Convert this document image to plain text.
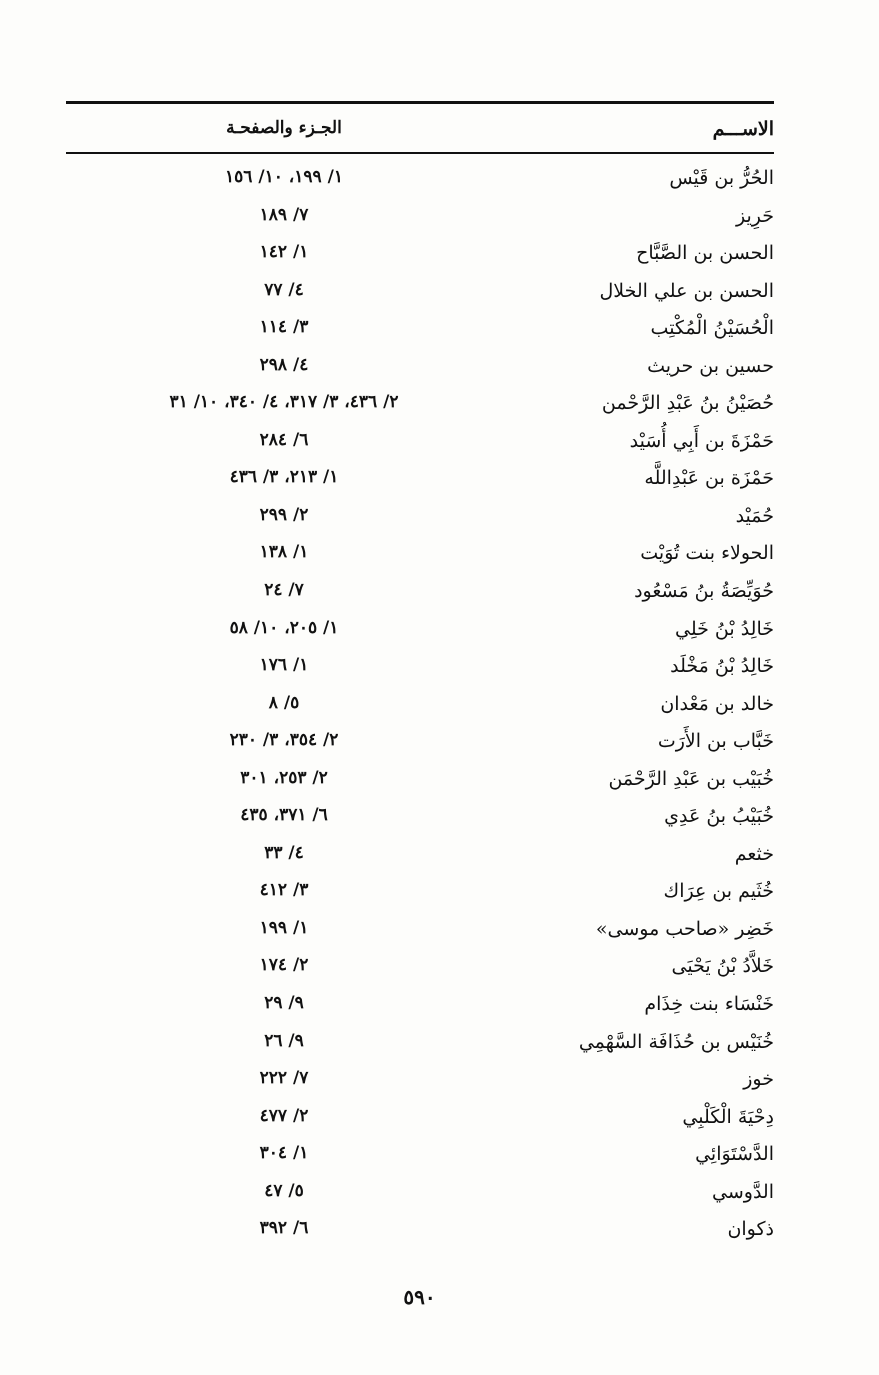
الاســـم
الجـزء والصفحـة
الحُرُّ بن قَيْس
١/ ١٩٩، ١٠/ ١٥٦
حَرِيز
٧/ ١٨٩
الحسن بن الصَّبَّاح
١/ ١٤٢
الحسن بن علي الخلال
٤/ ٧٧
الْحُسَيْنُ الْمُكْتِب
٣/ ١١٤
حسين بن حريث
٤/ ٢٩٨
حُصَيْنُ بنُ عَبْدِ الرَّحْمن
٢/ ٤٣٦، ٣/ ٣١٧، ٤/ ٣٤٠، ١٠/ ٣١
حَمْزَةَ بن أَبِي أُسَيْد
٦/ ٢٨٤
حَمْزَة بن عَبْدِاللَّه
١/ ٢١٣، ٣/ ٤٣٦
حُمَيْد
٢/ ٢٩٩
الحولاء بنت تُوَيْت
١/ ١٣٨
حُوَيِّصَةُ بنُ مَسْعُود
٧/ ٢٤
خَالِدُ بْنُ خَلِي
١/ ٢٠٥، ١٠/ ٥٨
خَالِدُ بْنُ مَخْلَد
١/ ١٧٦
خالد بن مَعْدان
٥/ ٨
خَبَّاب بن الأَرَت
٢/ ٣٥٤، ٣/ ٢٣٠
خُبَيْب بن عَبْدِ الرَّحْمَن
٢/ ٢٥٣، ٣٠١
خُبَيْبُ بنُ عَدِي
٦/ ٣٧١، ٤٣٥
خثعم
٤/ ٣٣
خُثَيم بن عِرَاك
٣/ ٤١٢
خَضِر «صاحب موسى»
١/ ١٩٩
خَلاَّدُ بْنُ يَحْيَى
٢/ ١٧٤
خَنْسَاء بنت خِذَام
٩/ ٢٩
خُنَيْس بن حُذَافَة السَّهْمِي
٩/ ٢٦
خوز
٧/ ٢٢٢
دِحْيَةَ الْكَلْبِي
٢/ ٤٧٧
الدَّسْتَوَائِي
١/ ٣٠٤
الدَّوسي
٥/ ٤٧
ذكوان
٦/ ٣٩٢
٥٩٠
